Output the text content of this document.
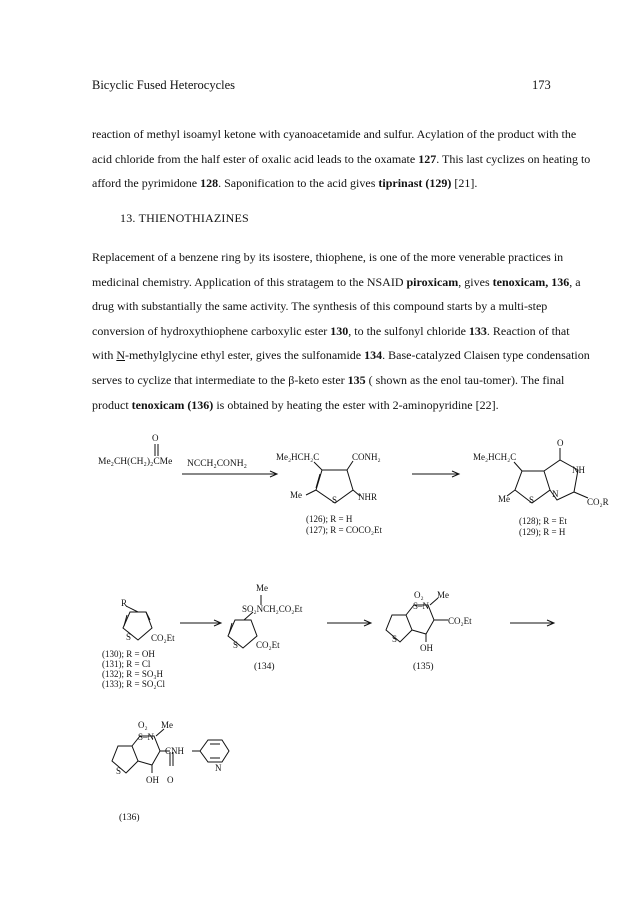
Bicyclic Fused Heterocycles	173

reaction of methyl isoamyl ketone with cyanoacetamide and sulfur. Acylation of the product with the acid chloride from the half ester of oxalic acid leads to the oxamate 127. This last cyclizes on heating to afford the pyrimidone 128. Saponification to the acid gives tiprinast (129) [21].

13. THIENOTHIAZINES

Replacement of a benzene ring by its isostere, thiophene, is one of the more venerable practices in medicinal chemistry. Application of this stratagem to the NSAID piroxicam, gives tenoxicam, 136, a drug with substantially the same activity. The synthesis of this compound starts by a multi-step conversion of hydroxythiophene carboxylic ester 130, to the sulfonyl chloride 133. Reaction of that with N-methylglycine ethyl ester, gives the sulfonamide 134. Base-catalyzed Claisen type condensation serves to cyclize that intermediate to the β-keto ester 135 ( shown as the enol tau-tomer). The final product tenoxicam (136) is obtained by heating the ester with 2-aminopyridine [22].

O
Me₂CH(CH₂)₂CMe NCCH₂CONH₂
Me₂HCH₂C	CONH₂
Me	S NHR
(126); R = H
(127); R = COCO₂Et
Me₂HCH₂C
O
NH
CO₂R
Me S
N
(128); R = Et
(129); R = H
R
S CO₂Et
(130); R = OH
(131); R = Cl
(132); R = SO₃H
(133); R = SO₂Cl
Me
SO₂NCH₂CO₂Et
S CO₂Et
(134)
O₂ Me
S–N
CO₂Et
S
OH
(135)
O₂ Me
S–N
CNH
N
S
OH O
(136)
